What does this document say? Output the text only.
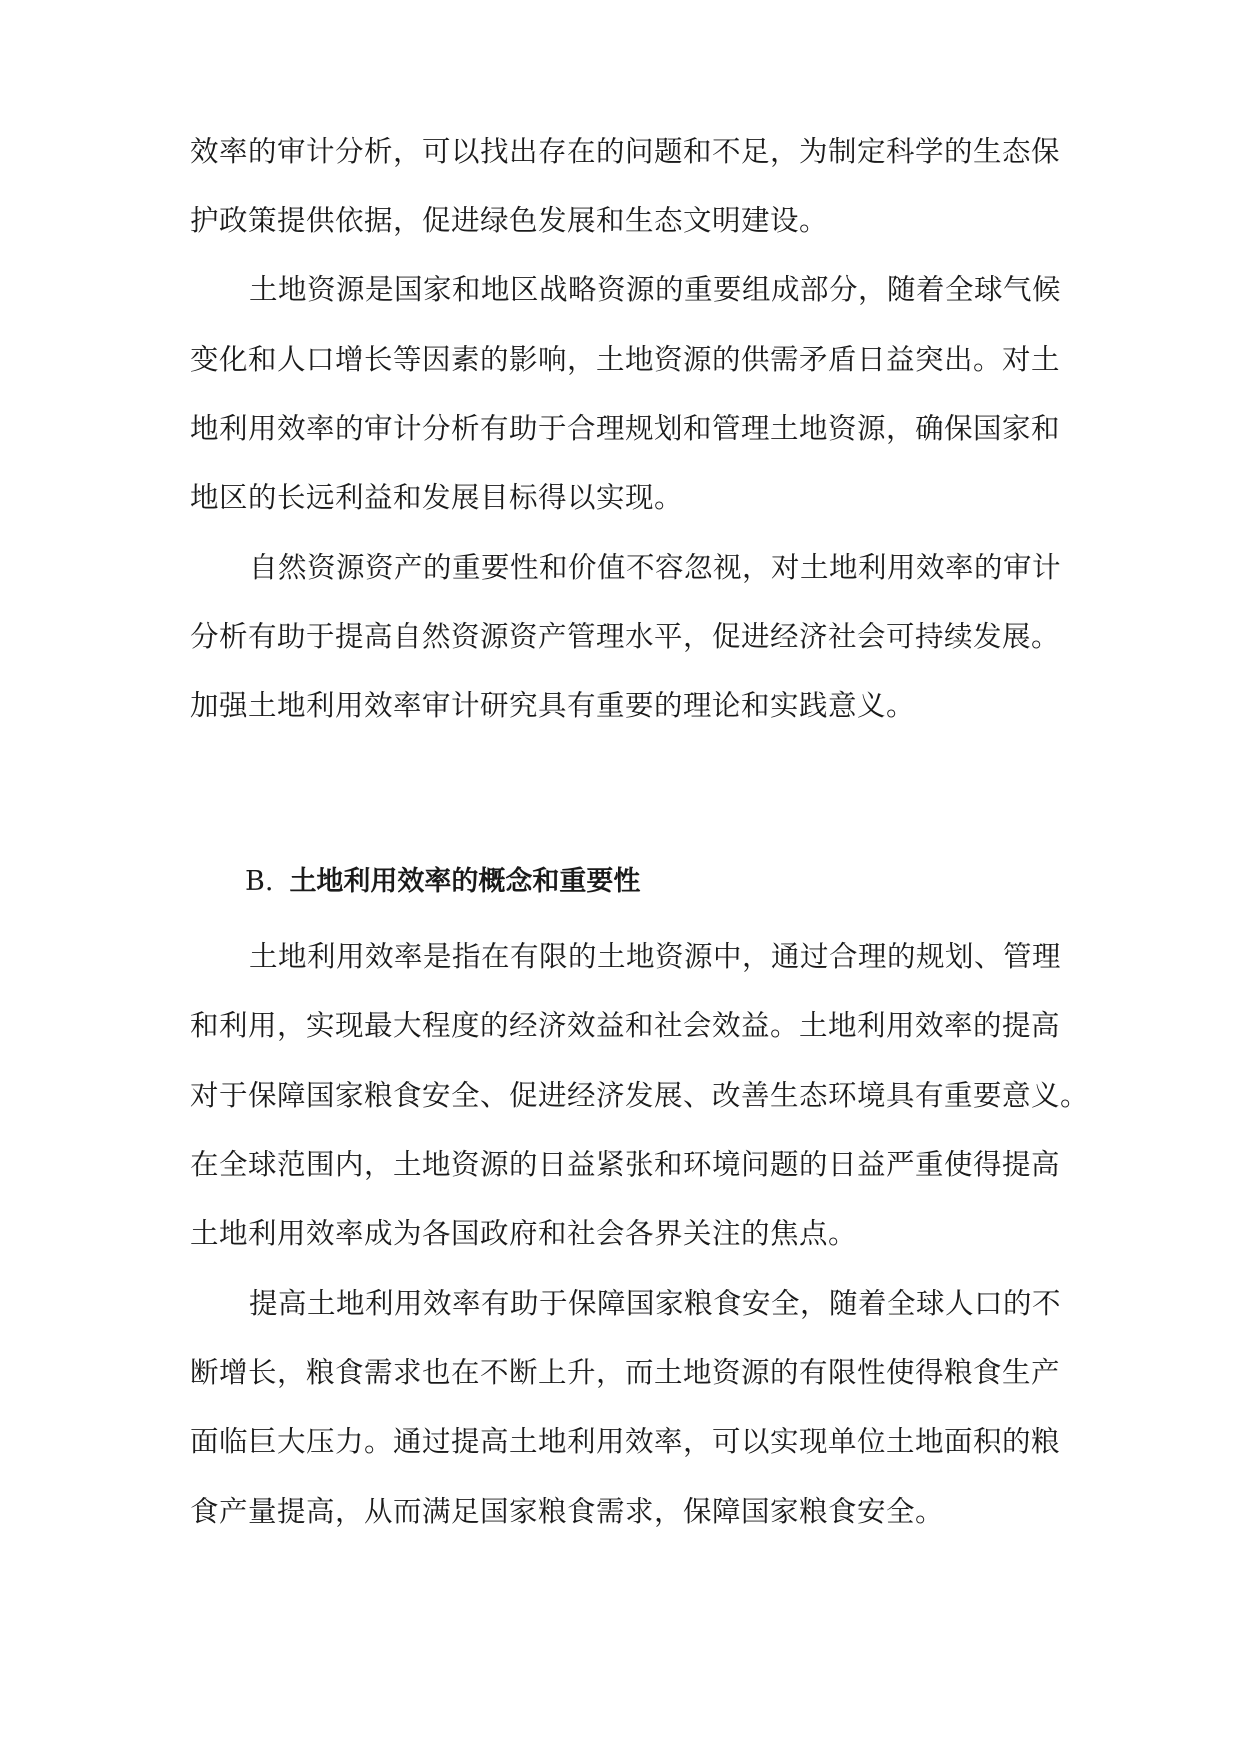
效率的审计分析，可以找出存在的问题和不足，为制定科学的生态保
护政策提供依据，促进绿色发展和生态文明建设。
土地资源是国家和地区战略资源的重要组成部分，随着全球气候
变化和人口增长等因素的影响，土地资源的供需矛盾日益突出。对土
地利用效率的审计分析有助于合理规划和管理土地资源，确保国家和
地区的长远利益和发展目标得以实现。
自然资源资产的重要性和价值不容忽视，对土地利用效率的审计
分析有助于提高自然资源资产管理水平，促进经济社会可持续发展。
加强土地利用效率审计研究具有重要的理论和实践意义。
B. 土地利用效率的概念和重要性
土地利用效率是指在有限的土地资源中，通过合理的规划、管理
和利用，实现最大程度的经济效益和社会效益。土地利用效率的提高
对于保障国家粮食安全、促进经济发展、改善生态环境具有重要意义。
在全球范围内，土地资源的日益紧张和环境问题的日益严重使得提高
土地利用效率成为各国政府和社会各界关注的焦点。
提高土地利用效率有助于保障国家粮食安全，随着全球人口的不
断增长，粮食需求也在不断上升，而土地资源的有限性使得粮食生产
面临巨大压力。通过提高土地利用效率，可以实现单位土地面积的粮
食产量提高，从而满足国家粮食需求，保障国家粮食安全。
